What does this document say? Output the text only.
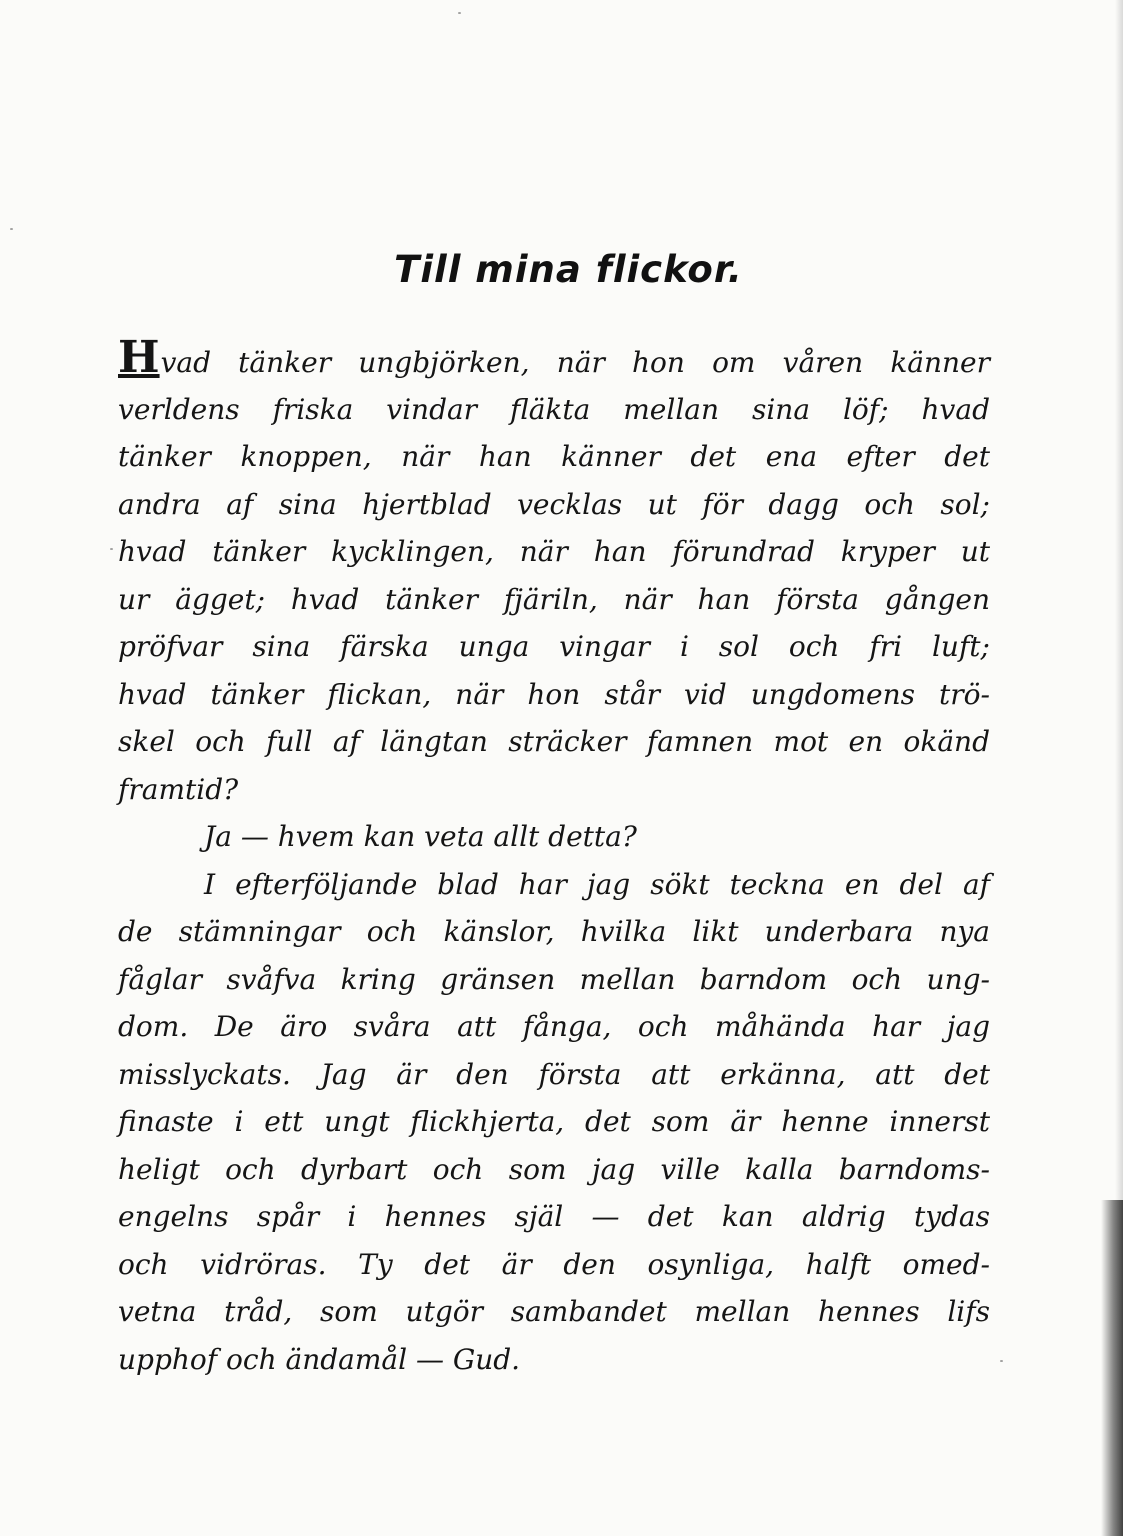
Till mina flickor.
Hvad tänker ungbjörken, när hon om våren känner
verldens friska vindar fläkta mellan sina löf; hvad
tänker knoppen, när han känner det ena efter det
andra af sina hjertblad vecklas ut för dagg och sol;
hvad tänker kycklingen, när han förundrad kryper ut
ur ägget; hvad tänker fjäriln, när han första gången
pröfvar sina färska unga vingar i sol och fri luft;
hvad tänker flickan, när hon står vid ungdomens trö-
skel och full af längtan sträcker famnen mot en okänd
framtid?
Ja — hvem kan veta allt detta?
I efterföljande blad har jag sökt teckna en del af
de stämningar och känslor, hvilka likt underbara nya
fåglar svåfva kring gränsen mellan barndom och ung-
dom. De äro svåra att fånga, och måhända har jag
misslyckats. Jag är den första att erkänna, att det
finaste i ett ungt flickhjerta, det som är henne innerst
heligt och dyrbart och som jag ville kalla barndoms-
engelns spår i hennes själ — det kan aldrig tydas
och vidröras. Ty det är den osynliga, halft omed-
vetna tråd, som utgör sambandet mellan hennes lifs
upphof och ändamål — Gud.
